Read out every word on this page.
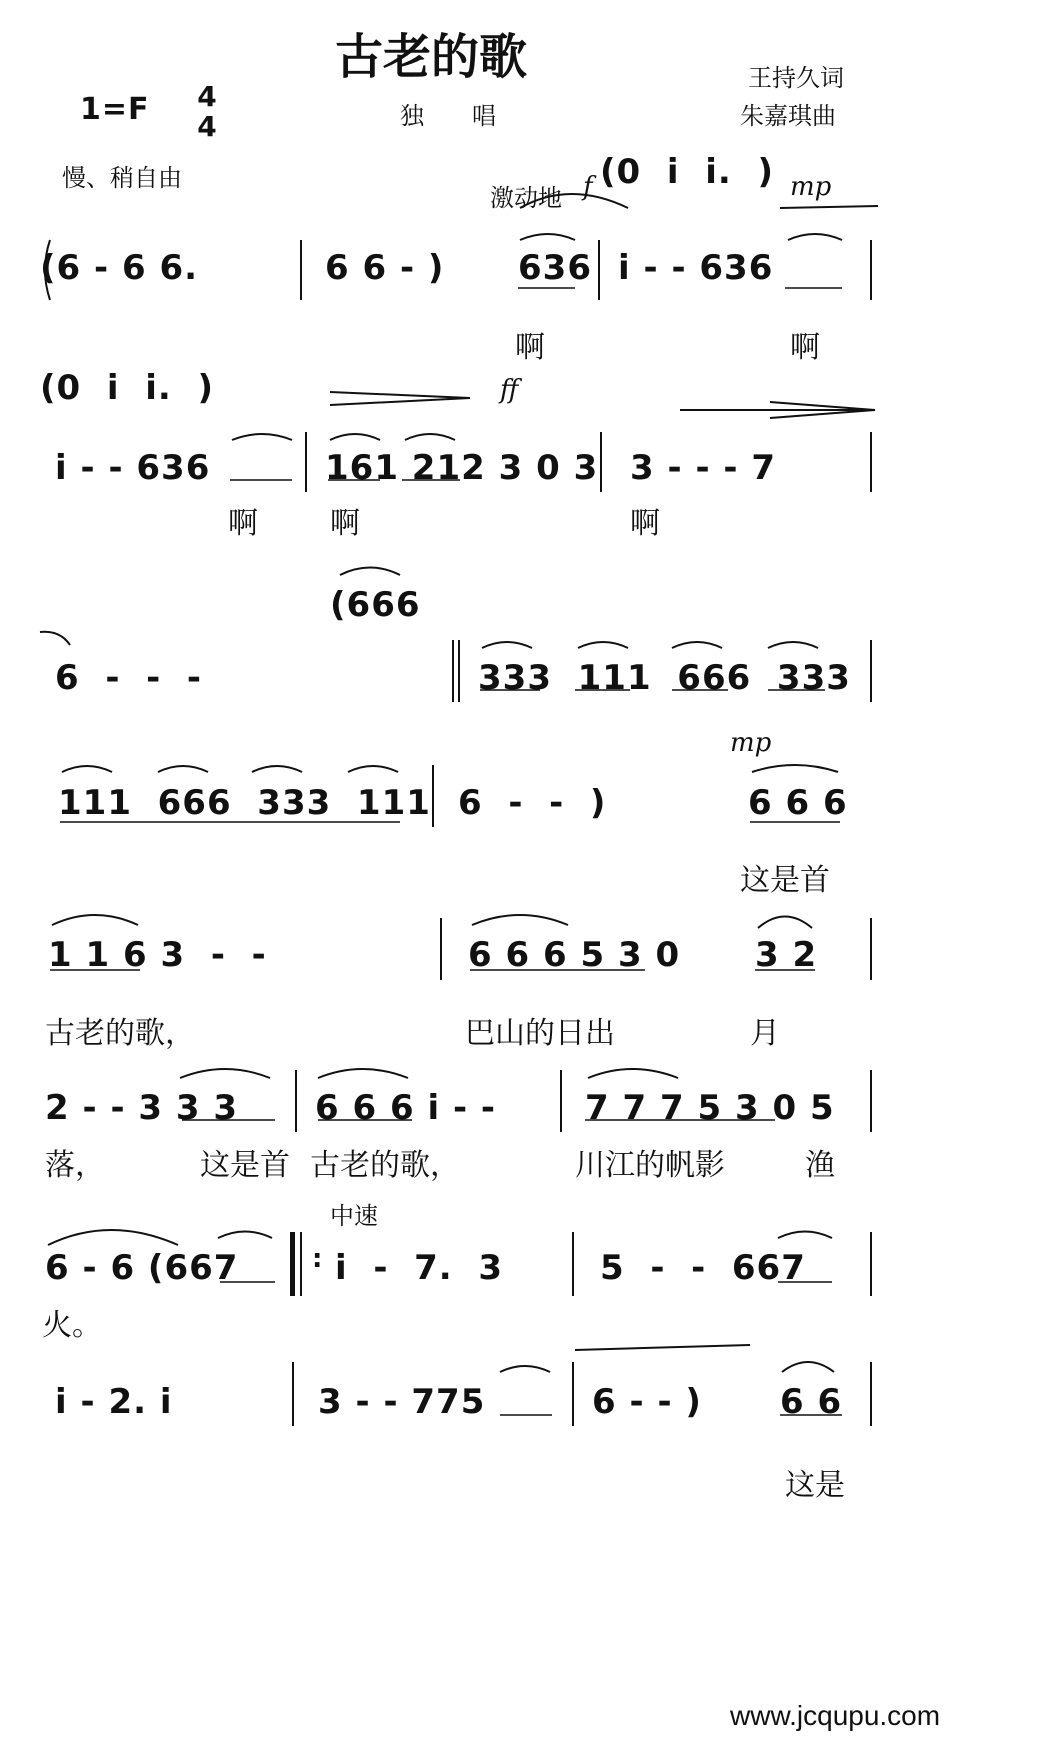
古老的歌	王持久词
朱嘉琪曲
1=F 4
4	独　　唱
慢、稍自由
激动地 f	mp
(0  i  i.  )
(6 - 6 6.	6 6 - ) 636 i - - 636
啊	啊
(0  i  i.  )	ff
i - - 636	161 212 3 0 3 3 - - - 7
啊 啊	啊
(666
6  -  -  -	333  111  666  333
mp
111  666  333  111 6  -  -  )	6 6 6
这是首
1 1 6 3  -  -	6 6 6 5 3 0 3 2
古老的歌，	巴山的日出	月
2 - - 3 3 3 6 6 6 i - -	7 7 7 5 3 0 5
落，	这是首 古老的歌，	川江的帆影	渔
中速
6 - 6 (667	: i  -  7.  3	5  -  -  667
火。
i - 2. i	3 - - 775	6 - - ) 6 6
这是
www.jcqupu.com
